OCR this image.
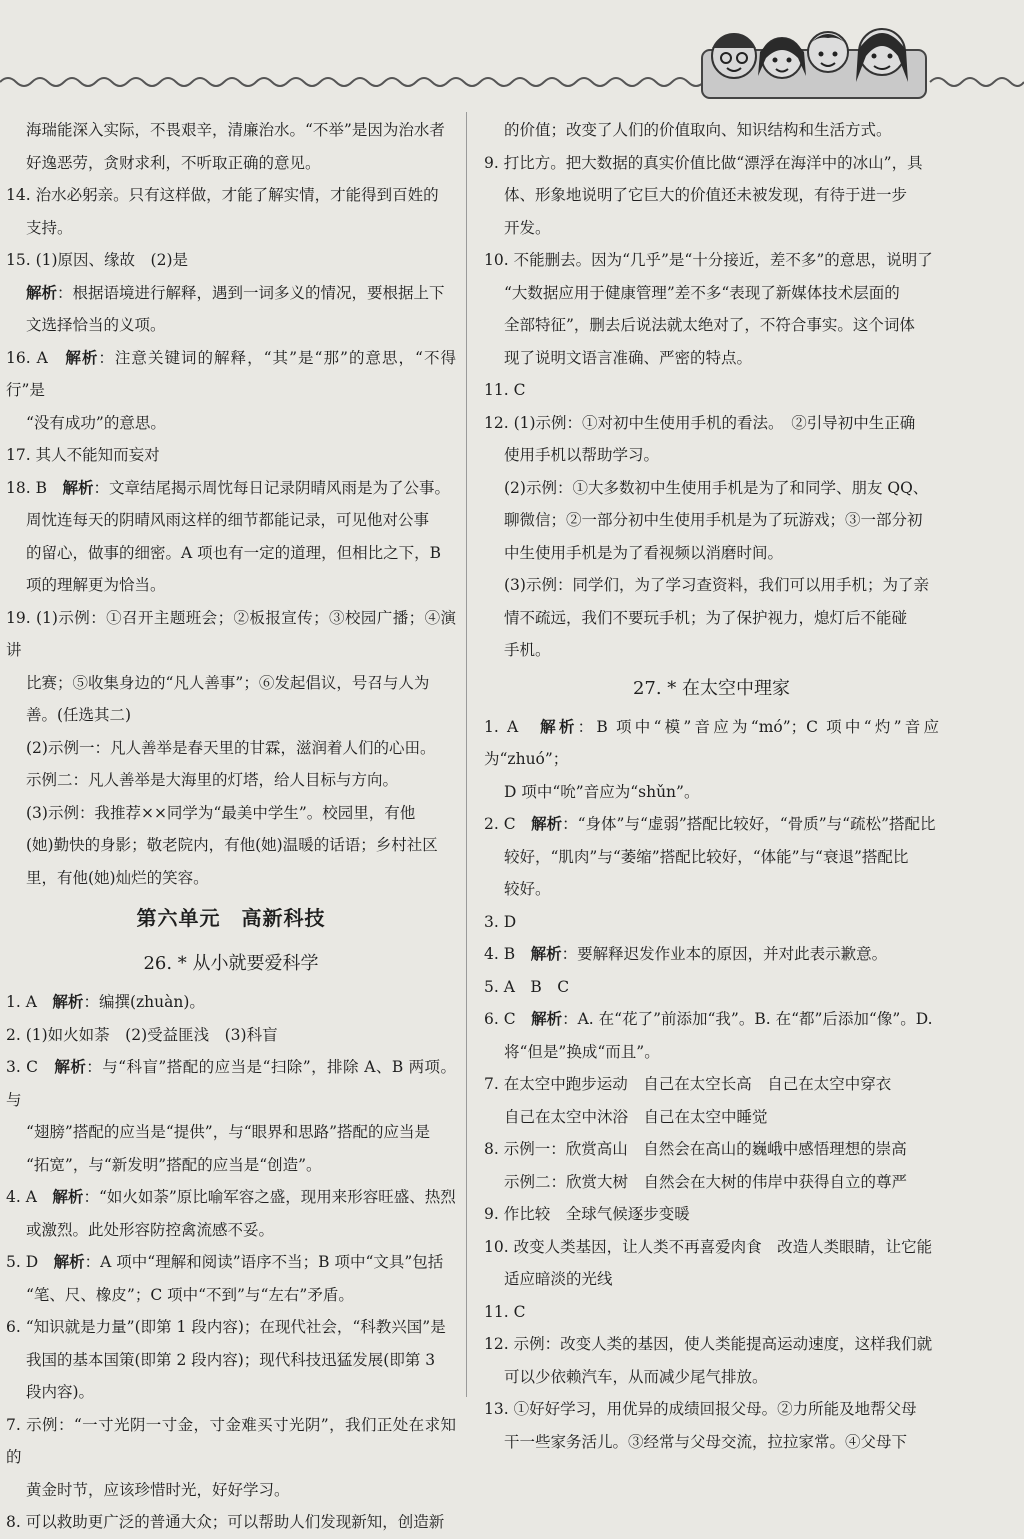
海瑞能深入实际，不畏艰辛，清廉治水。“不举”是因为治水者
好逸恶劳，贪财求利，不听取正确的意见。
14. 治水必躬亲。只有这样做，才能了解实情，才能得到百姓的
支持。
15. (1)原因、缘故　(2)是
解析：根据语境进行解释，遇到一词多义的情况，要根据上下
文选择恰当的义项。
16. A　解析：注意关键词的解释，“其”是“那”的意思，“不得行”是
“没有成功”的意思。
17. 其人不能知而妄对
18. B　解析：文章结尾揭示周忱每日记录阴晴风雨是为了公事。
周忱连每天的阴晴风雨这样的细节都能记录，可见他对公事
的留心，做事的细密。A 项也有一定的道理，但相比之下，B
项的理解更为恰当。
19. (1)示例：①召开主题班会；②板报宣传；③校园广播；④演讲
比赛；⑤收集身边的“凡人善事”；⑥发起倡议，号召与人为
善。(任选其二)
(2)示例一：凡人善举是春天里的甘霖，滋润着人们的心田。
示例二：凡人善举是大海里的灯塔，给人目标与方向。
(3)示例：我推荐××同学为“最美中学生”。校园里，有他
(她)勤快的身影；敬老院内，有他(她)温暖的话语；乡村社区
里，有他(她)灿烂的笑容。
第六单元　高新科技
26. * 从小就要爱科学
1. A　解析：编撰(zhuàn)。
2. (1)如火如荼　(2)受益匪浅　(3)科盲
3. C　解析：与“科盲”搭配的应当是“扫除”，排除 A、B 两项。与
“翅膀”搭配的应当是“提供”，与“眼界和思路”搭配的应当是
“拓宽”，与“新发明”搭配的应当是“创造”。
4. A　解析：“如火如荼”原比喻军容之盛，现用来形容旺盛、热烈
或激烈。此处形容防控禽流感不妥。
5. D　解析：A 项中“理解和阅读”语序不当；B 项中“文具”包括
“笔、尺、橡皮”；C 项中“不到”与“左右”矛盾。
6. “知识就是力量”(即第 1 段内容)；在现代社会，“科教兴国”是
我国的基本国策(即第 2 段内容)；现代科技迅猛发展(即第 3
段内容)。
7. 示例：“一寸光阴一寸金，寸金难买寸光阴”，我们正处在求知的
黄金时节，应该珍惜时光，好好学习。
8. 可以救助更广泛的普通大众；可以帮助人们发现新知，创造新
的价值；改变了人们的价值取向、知识结构和生活方式。
9. 打比方。把大数据的真实价值比做“漂浮在海洋中的冰山”，具
体、形象地说明了它巨大的价值还未被发现，有待于进一步
开发。
10. 不能删去。因为“几乎”是“十分接近，差不多”的意思，说明了
“大数据应用于健康管理”差不多“表现了新媒体技术层面的
全部特征”，删去后说法就太绝对了，不符合事实。这个词体
现了说明文语言准确、严密的特点。
11. C
12. (1)示例：①对初中生使用手机的看法。　②引导初中生正确
使用手机以帮助学习。
(2)示例：①大多数初中生使用手机是为了和同学、朋友 QQ、
聊微信；②一部分初中生使用手机是为了玩游戏；③一部分初
中生使用手机是为了看视频以消磨时间。
(3)示例：同学们，为了学习查资料，我们可以用手机；为了亲
情不疏远，我们不要玩手机；为了保护视力，熄灯后不能碰
手机。
27. * 在太空中理家
1. A　解析：B 项中“模”音应为“mó”；C 项中“灼”音应为“zhuó”；
D 项中“吮”音应为“shǔn”。
2. C　解析：“身体”与“虚弱”搭配比较好，“骨质”与“疏松”搭配比
较好，“肌肉”与“萎缩”搭配比较好，“体能”与“衰退”搭配比
较好。
3. D
4. B　解析：要解释迟发作业本的原因，并对此表示歉意。
5. A　B　C
6. C　解析：A. 在“花了”前添加“我”。B. 在“都”后添加“像”。D.
将“但是”换成“而且”。
7. 在太空中跑步运动　自己在太空长高　自己在太空中穿衣
自己在太空中沐浴　自己在太空中睡觉
8. 示例一：欣赏高山　自然会在高山的巍峨中感悟理想的崇高
示例二：欣赏大树　自然会在大树的伟岸中获得自立的尊严
9. 作比较　全球气候逐步变暖
10. 改变人类基因，让人类不再喜爱肉食　改造人类眼睛，让它能
适应暗淡的光线
11. C
12. 示例：改变人类的基因，使人类能提高运动速度，这样我们就
可以少依赖汽车，从而减少尾气排放。
13. ①好好学习，用优异的成绩回报父母。②力所能及地帮父母
干一些家务活儿。③经常与父母交流，拉拉家常。④父母下
